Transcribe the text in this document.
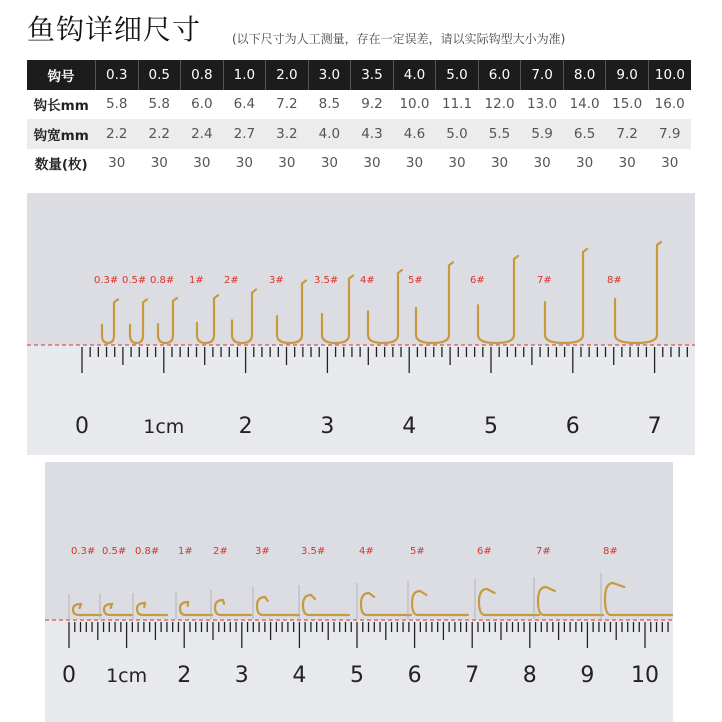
鱼钩详细尺寸	(以下尺寸为人工测量，存在一定误差，请以实际钩型大小为准)
钩号	0.3	0.5	0.8	1.0	2.0	3.0	3.5	4.0	5.0	6.0	7.0	8.0	9.0	10.0
钩长mm	5.8	5.8	6.0	6.4	7.2	8.5	9.2	10.0	11.1	12.0	13.0	14.0	15.0	16.0
钩宽mm	2.2	2.2	2.4	2.7	3.2	4.0	4.3	4.6	5.0	5.5	5.9	6.5	7.2	7.9
数量(枚)	30	30	30	30	30	30	30	30	30	30	30	30	30	30
0	1cm 2	3	4	5	6	7
0.3# 0.5# 0.8# 1# 2#	3#	3.5# 4#	5#	6#	7#	8#
0 1cm 2 3 4 5 6 7 8 9 10
0.3# 0.5# 0.8# 1# 2#	3#	3.5#	4#	5#	6#	7#	8#
